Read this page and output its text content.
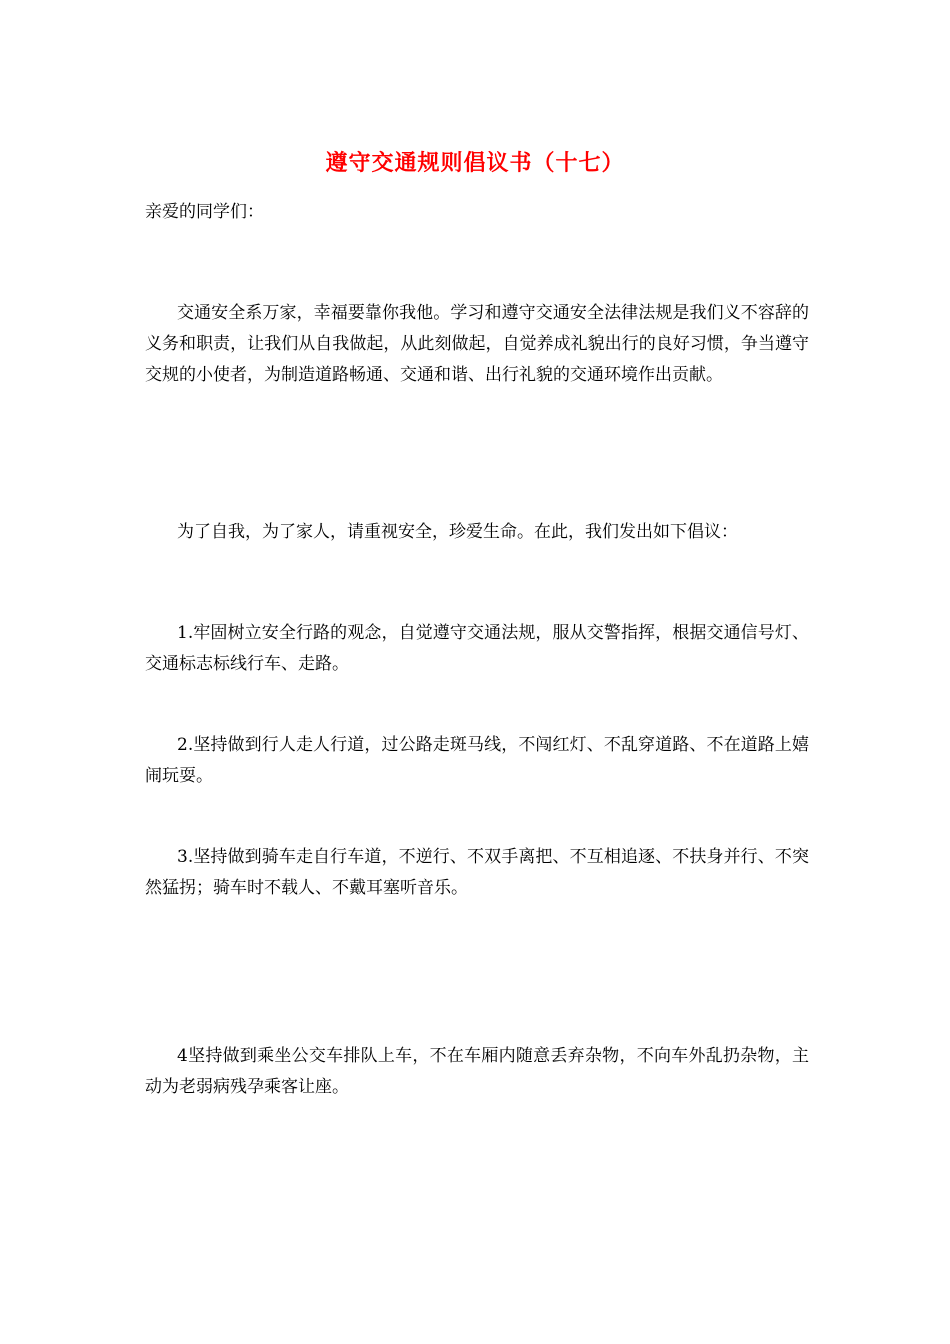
遵守交通规则倡议书（十七）
亲爱的同学们：
交通安全系万家，幸福要靠你我他。学习和遵守交通安全法律法规是我们义不容辞的义务和职责，让我们从自我做起，从此刻做起，自觉养成礼貌出行的良好习惯，争当遵守交规的小使者，为制造道路畅通、交通和谐、出行礼貌的交通环境作出贡献。
为了自我，为了家人，请重视安全，珍爱生命。在此，我们发出如下倡议：
1.牢固树立安全行路的观念，自觉遵守交通法规，服从交警指挥，根据交通信号灯、交通标志标线行车、走路。
2.坚持做到行人走人行道，过公路走斑马线，不闯红灯、不乱穿道路、不在道路上嬉闹玩耍。
3.坚持做到骑车走自行车道，不逆行、不双手离把、不互相追逐、不扶身并行、不突然猛拐；骑车时不载人、不戴耳塞听音乐。
4坚持做到乘坐公交车排队上车，不在车厢内随意丢弃杂物，不向车外乱扔杂物，主动为老弱病残孕乘客让座。
